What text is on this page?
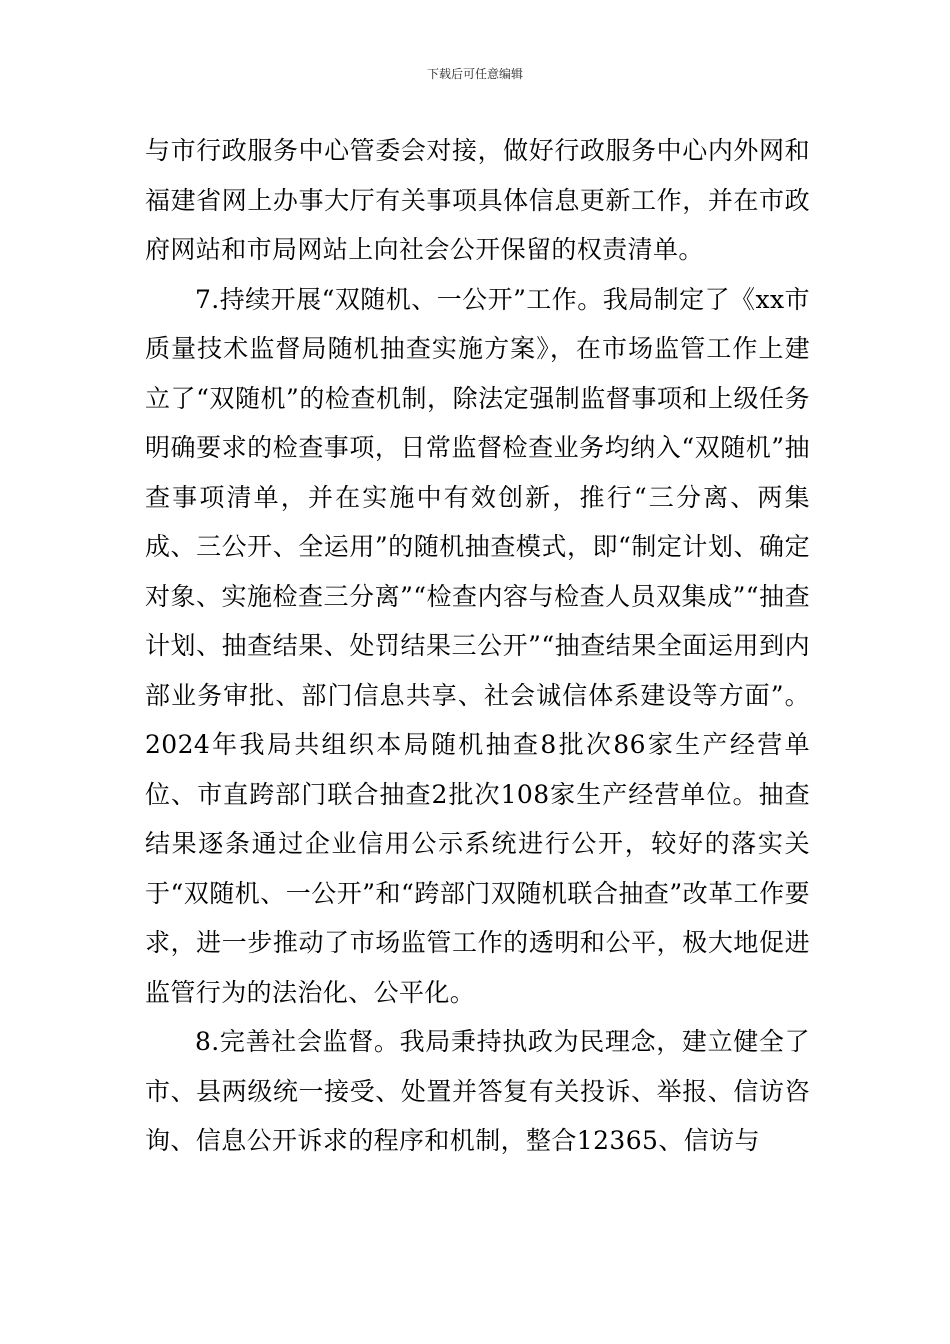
下载后可任意编辑

与市行政服务中心管委会对接，做好行政服务中心内外网和福建省网上办事大厅有关事项具体信息更新工作，并在市政府网站和市局网站上向社会公开保留的权责清单。

7.持续开展“双随机、一公开”工作。我局制定了《xx市质量技术监督局随机抽查实施方案》，在市场监管工作上建立了“双随机”的检查机制，除法定强制监督事项和上级任务明确要求的检查事项，日常监督检查业务均纳入“双随机”抽查事项清单，并在实施中有效创新，推行“三分离、两集成、三公开、全运用”的随机抽查模式，即“制定计划、确定对象、实施检查三分离”“检查内容与检查人员双集成”“抽查计划、抽查结果、处罚结果三公开”“抽查结果全面运用到内部业务审批、部门信息共享、社会诚信体系建设等方面”。2024年我局共组织本局随机抽查8批次86家生产经营单位、市直跨部门联合抽查2批次108家生产经营单位。抽查结果逐条通过企业信用公示系统进行公开，较好的落实关于“双随机、一公开”和“跨部门双随机联合抽查”改革工作要求，进一步推动了市场监管工作的透明和公平，极大地促进监管行为的法治化、公平化。

8.完善社会监督。我局秉持执政为民理念，建立健全了市、县两级统一接受、处置并答复有关投诉、举报、信访咨询、信息公开诉求的程序和机制，整合12365、信访与
